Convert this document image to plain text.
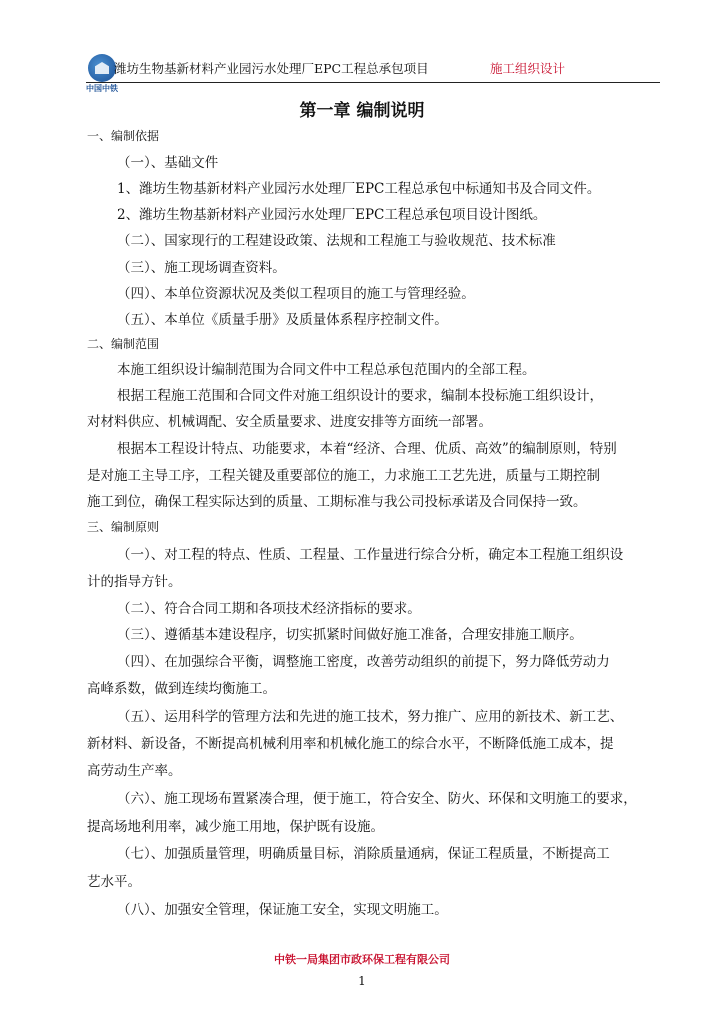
中国中铁
潍坊生物基新材料产业园污水处理厂EPC工程总承包项目	施工组织设计
第一章 编制说明
一、编制依据
（一）、基础文件
1、潍坊生物基新材料产业园污水处理厂EPC工程总承包中标通知书及合同文件。
2、潍坊生物基新材料产业园污水处理厂EPC工程总承包项目设计图纸。
（二）、国家现行的工程建设政策、法规和工程施工与验收规范、技术标准
（三）、施工现场调查资料。
（四）、本单位资源状况及类似工程项目的施工与管理经验。
（五）、本单位《质量手册》及质量体系程序控制文件。
二、编制范围
本施工组织设计编制范围为合同文件中工程总承包范围内的全部工程。
根据工程施工范围和合同文件对施工组织设计的要求，编制本投标施工组织设计，
对材料供应、机械调配、安全质量要求、进度安排等方面统一部署。
根据本工程设计特点、功能要求，本着“经济、合理、优质、高效”的编制原则，特别
是对施工主导工序，工程关键及重要部位的施工，力求施工工艺先进，质量与工期控制
施工到位，确保工程实际达到的质量、工期标准与我公司投标承诺及合同保持一致。
三、编制原则
（一）、对工程的特点、性质、工程量、工作量进行综合分析，确定本工程施工组织设
计的指导方针。
（二）、符合合同工期和各项技术经济指标的要求。
（三）、遵循基本建设程序，切实抓紧时间做好施工准备，合理安排施工顺序。
（四）、在加强综合平衡，调整施工密度，改善劳动组织的前提下，努力降低劳动力
高峰系数，做到连续均衡施工。
（五）、运用科学的管理方法和先进的施工技术，努力推广、应用的新技术、新工艺、
新材料、新设备，不断提高机械利用率和机械化施工的综合水平，不断降低施工成本，提
高劳动生产率。
（六）、施工现场布置紧凑合理，便于施工，符合安全、防火、环保和文明施工的要求，
提高场地利用率，减少施工用地，保护既有设施。
（七）、加强质量管理，明确质量目标，消除质量通病，保证工程质量，不断提高工
艺水平。
（八）、加强安全管理，保证施工安全，实现文明施工。
中铁一局集团市政环保工程有限公司
1
